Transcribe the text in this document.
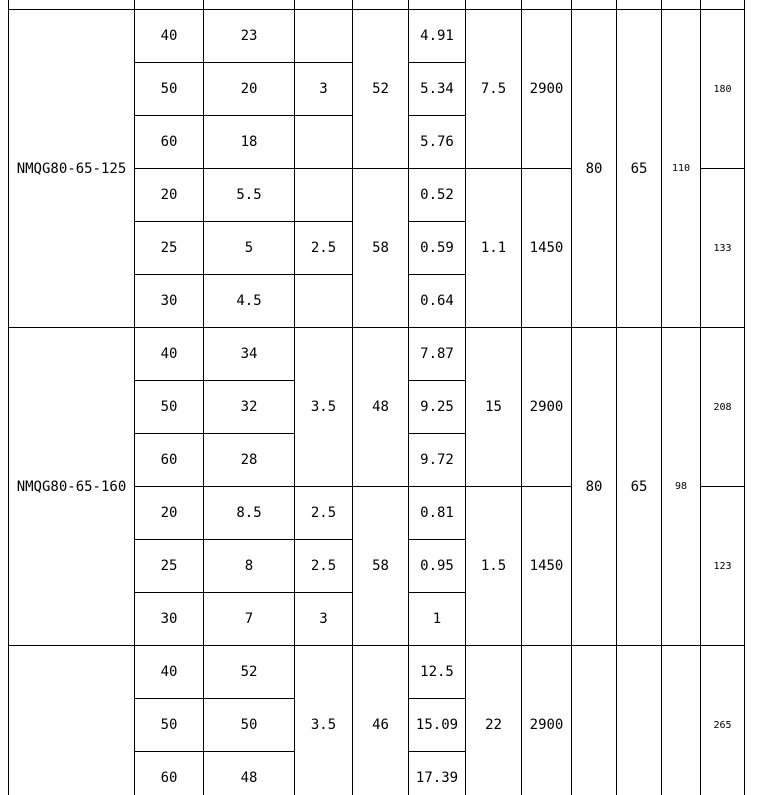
NMQG80-65-125	40	23		52	4.91	7.5	2900	80	65	110	180
	50	20	3		5.34						
	60	18			5.76						
	20	5.5		58	0.52	1.1	1450				133
	25	5	2.5		0.59						
	30	4.5			0.64						
NMQG80-65-160	40	34	3.5	48	7.87	15	2900	80	65	98	208
	50	32			9.25						
	60	28			9.72						
	20	8.5	2.5	58	0.81	1.5	1450				123
	25	8	2.5		0.95						
	30	7	3		1						
	40	52	3.5	46	12.5	22	2900				265
	50	50			15.09						
	60	48			17.39						
